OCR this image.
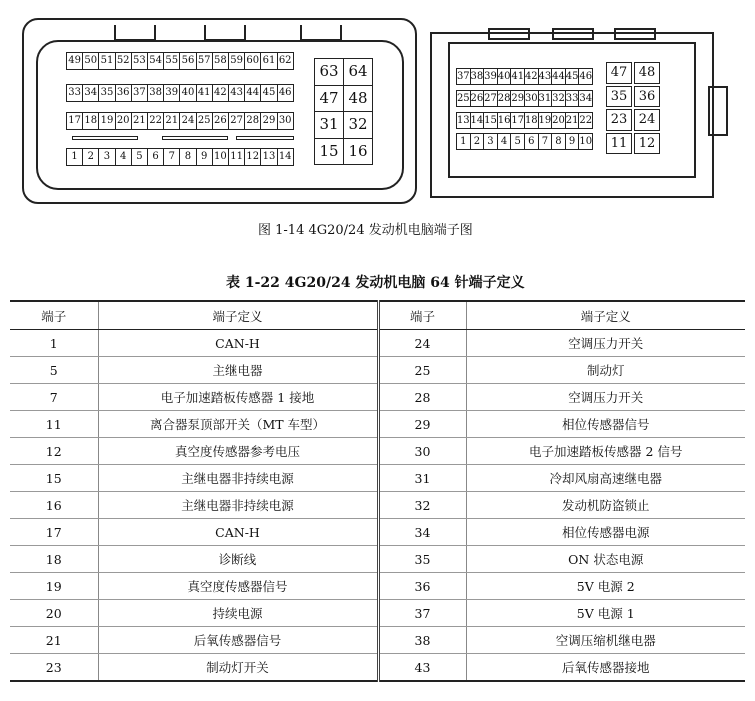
49 50 51 52 53 54 55 56 57 58 59 60 61 62
33 34 35 36 37 38 39 40 41 42 43 44 45 46
17 18 19 20 21 22 21 24 25 26 27 28 29 30
1 2 3 4 5 6 7 8 9 10 11 12 13 14
63 64
47 48
31 32
15 16
37 38 39 40 41 42 43 44 45 46
25 26 27 28 29 30 31 32 33 34
13 14 15 16 17 18 19 20 21 22
1 2 3 4 5 6 7 8 9 10
47 48
35 36
23 24
11 12
图 1-14 4G20/24 发动机电脑端子图
表 1-22 4G20/24 发动机电脑 64 针端子定义
端子	端子定义	端子	端子定义
1	CAN-H	24	空调压力开关
5	主继电器	25	制动灯
7	电子加速踏板传感器 1 接地	28	空调压力开关
11	离合器泵顶部开关（MT 车型）	29	相位传感器信号
12	真空度传感器参考电压	30	电子加速踏板传感器 2 信号
15	主继电器非持续电源	31	冷却风扇高速继电器
16	主继电器非持续电源	32	发动机防盗锁止
17	CAN-H	34	相位传感器电源
18	诊断线	35	ON 状态电源
19	真空度传感器信号	36	5V 电源 2
20	持续电源	37	5V 电源 1
21	后氧传感器信号	38	空调压缩机继电器
23	制动灯开关	43	后氧传感器接地
